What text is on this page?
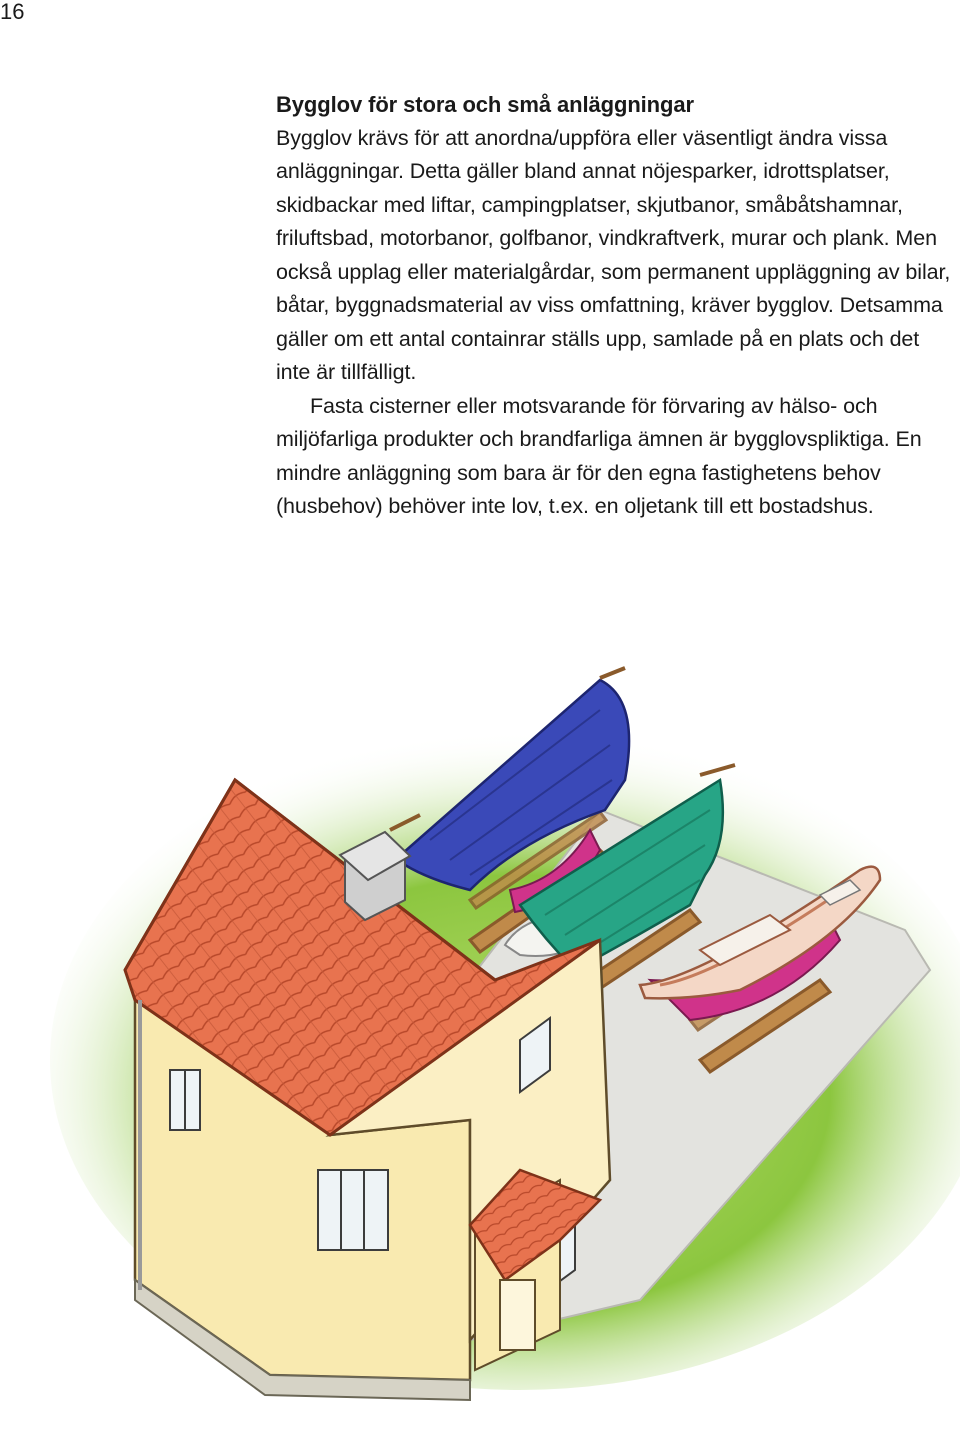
16

Bygglov för stora och små anläggningar

Bygglov krävs för att anordna/uppföra eller väsentligt ändra vissa anläggningar. Detta gäller bland annat nöjesparker, idrottsplatser, skidbackar med liftar, campingplatser, skjutbanor, småbåtshamnar, friluftsbad, motorbanor, golfbanor, vindkraftverk, murar och plank. Men också upplag eller materialgårdar, som permanent uppläggning av bilar, båtar, byggnadsmaterial av viss omfattning, kräver bygglov. Detsamma gäller om ett antal containrar ställs upp, samlade på en plats och det inte är tillfälligt.

Fasta cisterner eller motsvarande för förvaring av hälso- och miljöfarliga produkter och brandfarliga ämnen är bygglovspliktiga. En mindre anläggning som bara är för den egna fastighetens behov (husbehov) behöver inte lov, t.ex. en oljetank till ett bostadshus.
